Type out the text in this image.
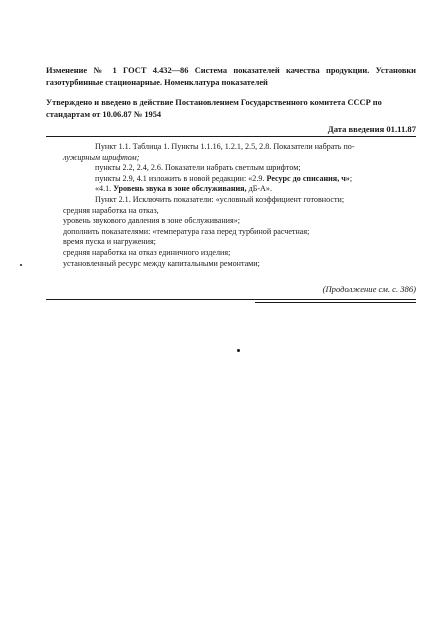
Изменение № 1 ГОСТ 4.432—86 Система показателей качества продукции. Установки газотурбинные стационарные. Номенклатура показателей
Утверждено и введено в действие Постановлением Государственного комитета СССР по стандартам от 10.06.87 № 1954
Дата введения 01.11.87

Пункт 1.1. Таблица 1. Пункты 1.1.16, 1.2.1, 2.5, 2.8. Показатели набрать по-

лужирным шрифтом;

пункты 2.2, 2.4, 2.6. Показатели набрать светлым шрифтом;

пункты 2.9, 4.1 изложить в новой редакции: «2.9. Ресурс до списания, ч»;

«4.1. Уровень звука в зоне обслуживания, дБ-А».

Пункт 2.1. Исключить показатели: «условный коэффициент готовности;

средняя наработка на отказ,

уровень звукового давления в зоне обслуживания»;

дополнить показателями: «температура газа перед турбиной расчетная;

время пуска и нагружения;

средняя наработка на отказ единичного изделия;

установленный ресурс между капитальными ремонтами;

(Продолжение см. с. 386)
